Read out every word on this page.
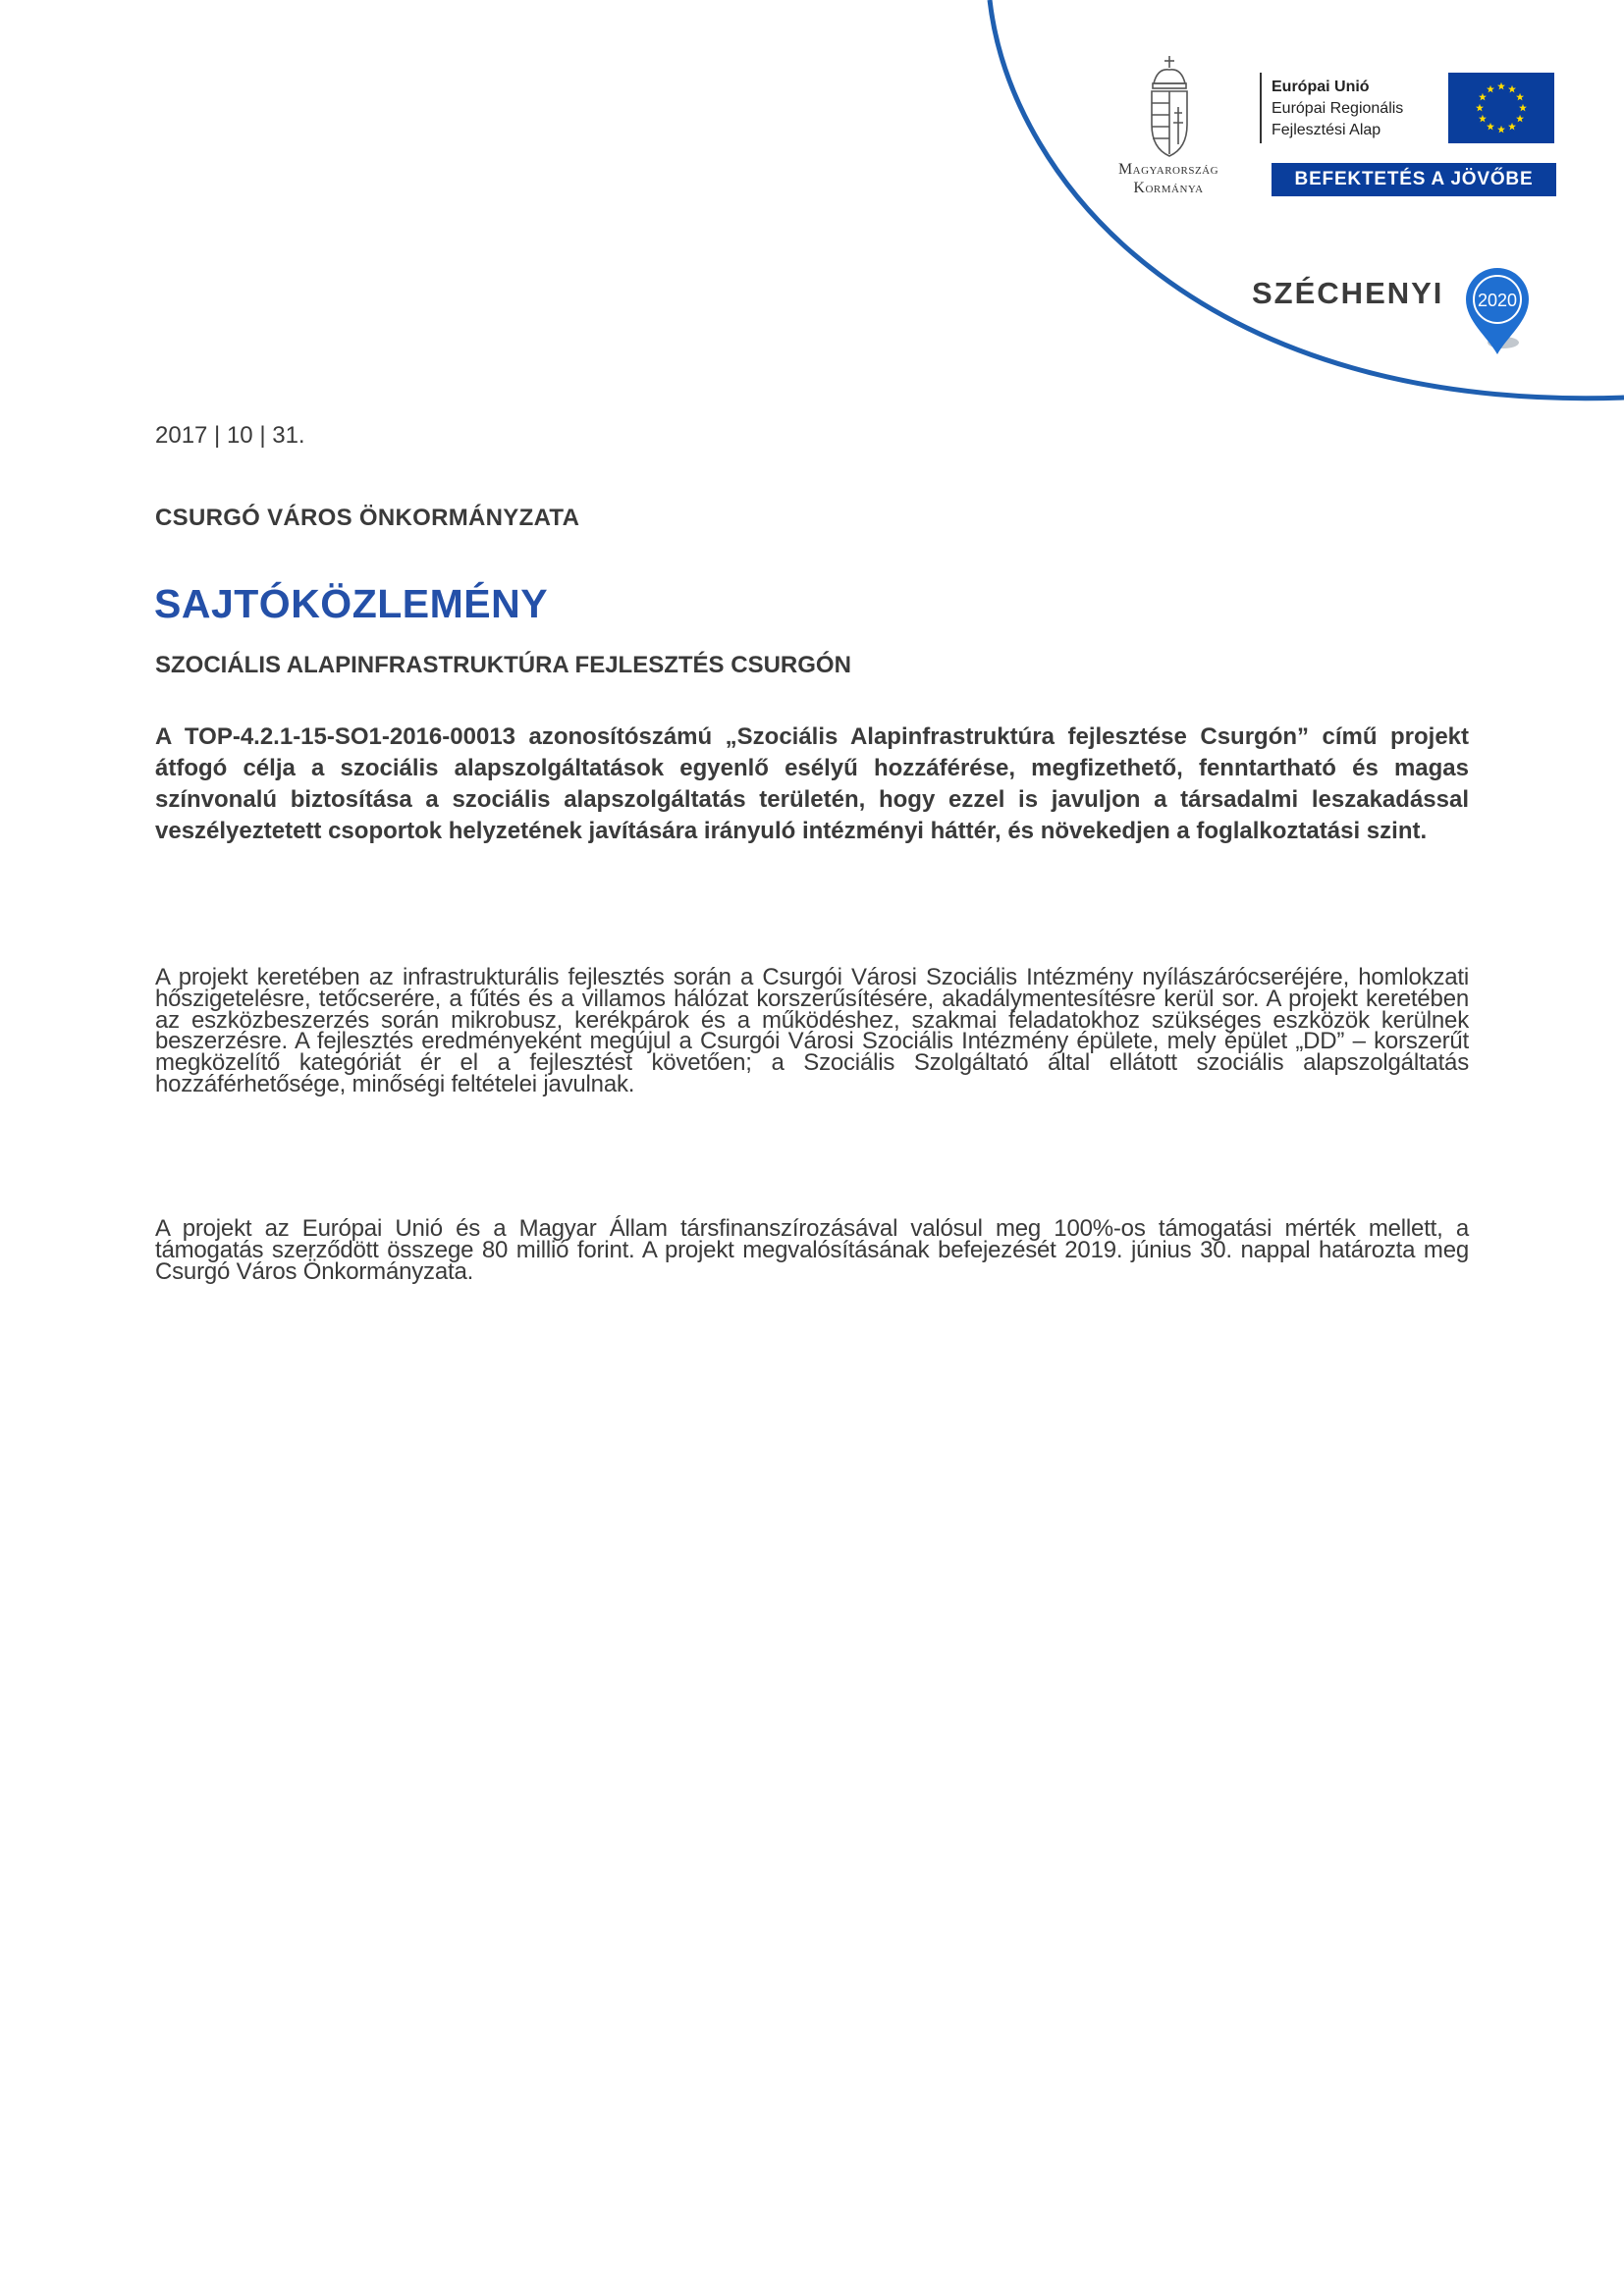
Magyarország
Kormánya
Európai Unió
Európai Regionális
Fejlesztési Alap
BEFEKTETÉS A JÖVŐBE
SZÉCHENYI 2020
2017 | 10 | 31.
CSURGÓ VÁROS ÖNKORMÁNYZATA
SAJTÓKÖZLEMÉNY
SZOCIÁLIS ALAPINFRASTRUKTÚRA FEJLESZTÉS CSURGÓN

A TOP-4.2.1-15-SO1-2016-00013 azonosítószámú „Szociális Alapinfrastruktúra fejlesztése Csurgón” című projekt átfogó célja a szociális alapszolgáltatások egyenlő esélyű hozzáférése, megfizethető, fenntartható és magas színvonalú biztosítása a szociális alapszolgáltatás területén, hogy ezzel is javuljon a társadalmi leszakadással veszélyeztetett csoportok helyzetének javítására irányuló intézményi háttér, és növekedjen a foglalkoztatási szint.

A projekt keretében az infrastrukturális fejlesztés során a Csurgói Városi Szociális Intézmény nyílászárócseréjére, homlokzati hőszigetelésre, tetőcserére, a fűtés és a villamos hálózat korszerűsítésére, akadálymentesítésre kerül sor. A projekt keretében az eszközbeszerzés során mikrobusz, kerékpárok és a működéshez, szakmai feladatokhoz szükséges eszközök kerülnek beszerzésre. A fejlesztés eredményeként megújul a Csurgói Városi Szociális Intézmény épülete, mely épület „DD” – korszerűt megközelítő kategóriát ér el a fejlesztést követően; a Szociális Szolgáltató által ellátott szociális alapszolgáltatás hozzáférhetősége, minőségi feltételei javulnak.

A projekt az Európai Unió és a Magyar Állam társfinanszírozásával valósul meg 100%-os támogatási mérték mellett, a támogatás szerződött összege 80 millió forint. A projekt megvalósításának befejezését 2019. június 30. nappal határozta meg Csurgó Város Önkormányzata.
